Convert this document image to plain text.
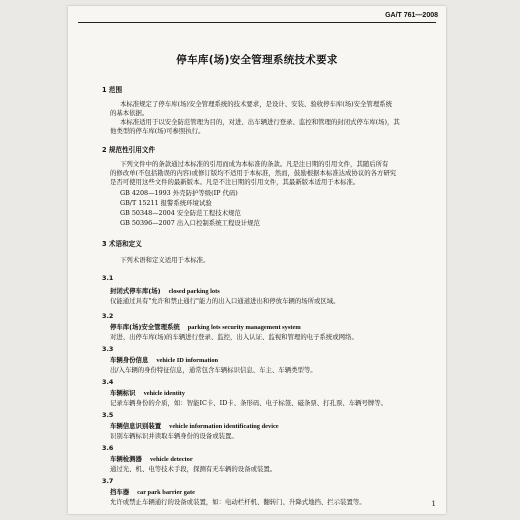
GA/T 761—2008
停车库(场)安全管理系统技术要求
1 范围
本标准规定了停车库(场)安全管理系统的技术要求，是设计、安装、验收停车库(场)安全管理系统
的基本依据。
本标准适用于以安全防范管理为目的，对进、出车辆进行登录、监控和管理的封闭式停车库(场)，其
他类型的停车库(场)可参照执行。
2 规范性引用文件
下列文件中的条款通过本标准的引用而成为本标准的条款。凡是注日期的引用文件，其随后所有
的修改单(不包括勘误的内容)或修订版均不适用于本标准，然而，鼓励根据本标准达成协议的各方研究
是否可使用这些文件的最新版本。凡是不注日期的引用文件，其最新版本适用于本标准。
GB 4208—1993 外壳防护等级(IP 代码)
GB/T 15211 报警系统环境试验
GB 50348—2004 安全防范工程技术规范
GB 50396—2007 出入口控制系统工程设计规范
3 术语和定义
下列术语和定义适用于本标准。
3.1
封闭式停车库(场) closed parking lots
仅能通过具有"允许和禁止通行"能力的出入口通道进出和停放车辆的场所或区域。
3.2
停车库(场)安全管理系统 parking lots security management system
对进、出停车库(场)的车辆进行登录、监控，出入认证、监视和管理的电子系统或网络。
3.3
车辆身份信息 vehicle ID information
出/入车辆的身份特征信息，通常包含车辆标识信息、车主、车辆类型等。
3.4
车辆标识 vehicle identity
记录车辆身份的介质，如：智能IC卡、ID卡、条形码、电子标签、磁条票、打孔票、车辆号牌等。
3.5
车辆信息识别装置 vehicle information identificating device
识别车辆标识并读取车辆身份的设备或装置。
3.6
车辆检测器 vehicle detector
通过光、机、电等技术手段，探测有无车辆的设备或装置。
3.7
挡车器 car park barrier gate
允许或禁止车辆通行的设备或装置，如：电动栏杆机、翻转门、升降式地挡、拦示装置等。	1
